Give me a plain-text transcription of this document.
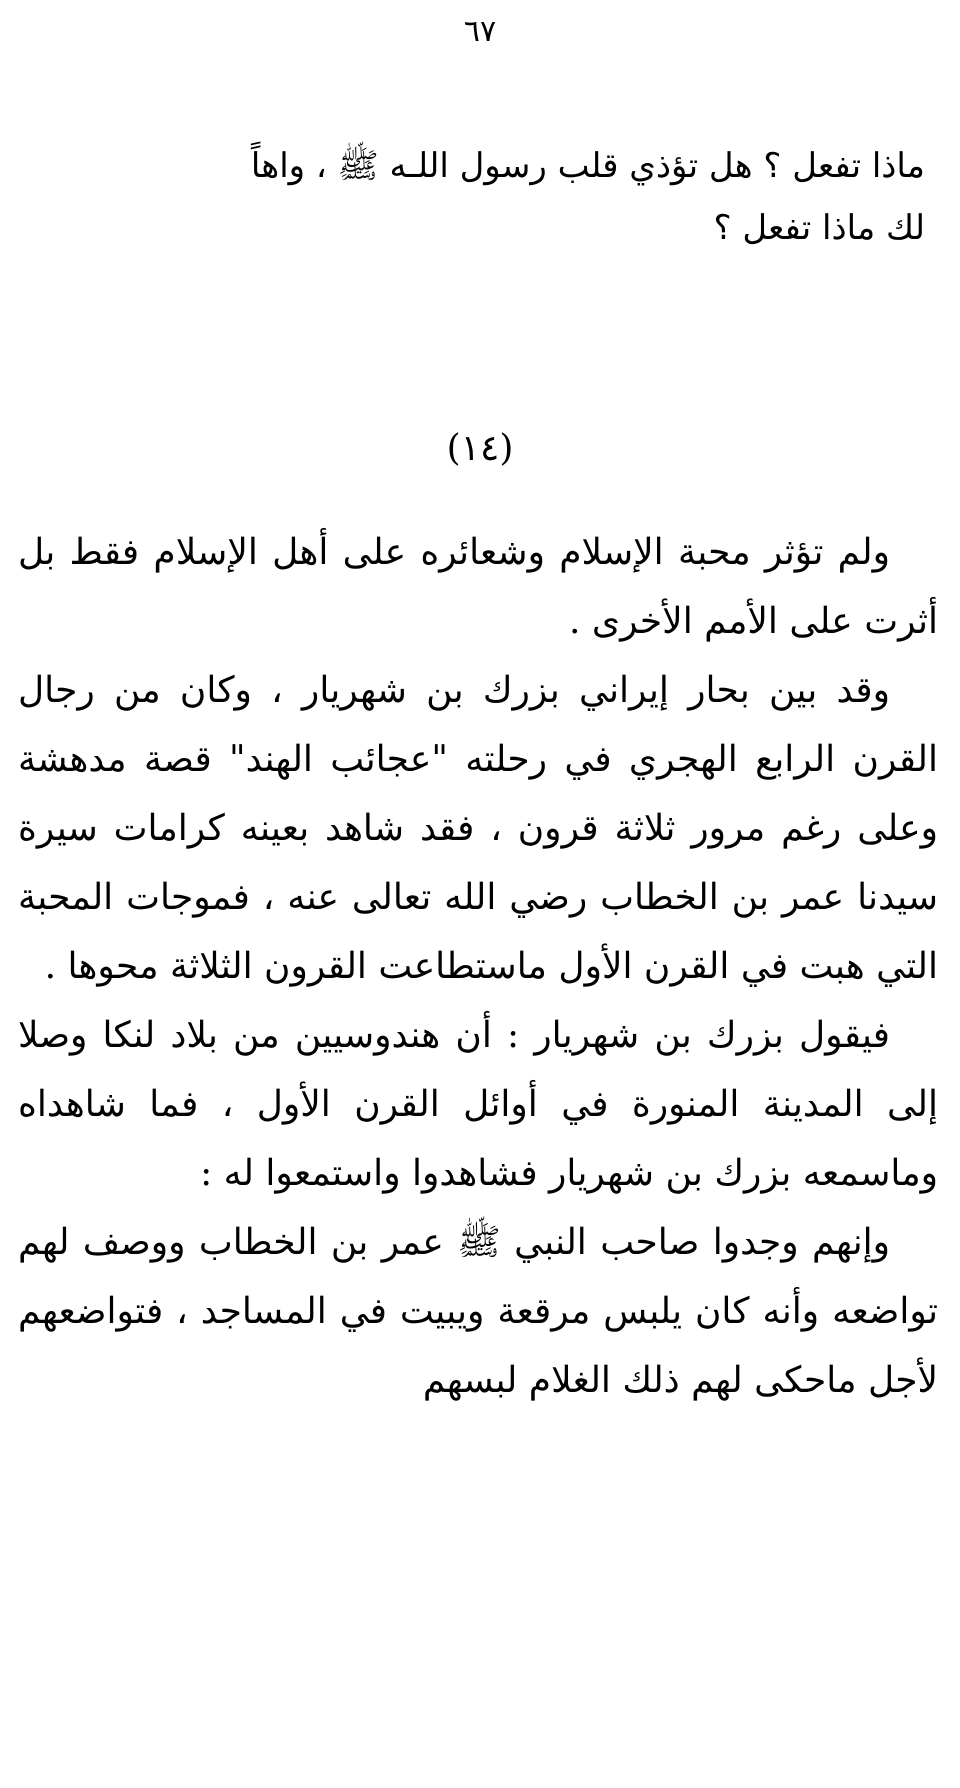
٦٧

ماذا تفعل ؟ هل تؤذي قلب رسول اللـه ﷺ ، واهاً

لك ماذا تفعل ؟

(١٤)

ولم تؤثر محبة الإسلام وشعائره على أهل الإسلام فقط بل أثرت على الأمم الأخرى .

وقد بين بحار إيراني بزرك بن شهريار ، وكان من رجال القرن الرابع الهجري في رحلته "عجائب الهند" قصة مدهشة وعلى رغم مرور ثلاثة قرون ، فقد شاهد بعينه كرامات سيرة سيدنا عمر بن الخطاب رضي الله تعالى عنه ، فموجات المحبة التي هبت في القرن الأول ماستطاعت القرون الثلاثة محوها .

فيقول بزرك بن شهريار : أن هندوسيين من بلاد لنكا وصلا إلى المدينة المنورة في أوائل القرن الأول ، فما شاهداه وماسمعه بزرك بن شهريار فشاهدوا واستمعوا له :

وإنهم وجدوا صاحب النبي ﷺ عمر بن الخطاب ووصف لهم تواضعه وأنه كان يلبس مرقعة ويبيت في المساجد ، فتواضعهم لأجل ماحكى لهم ذلك الغلام لبسهم
